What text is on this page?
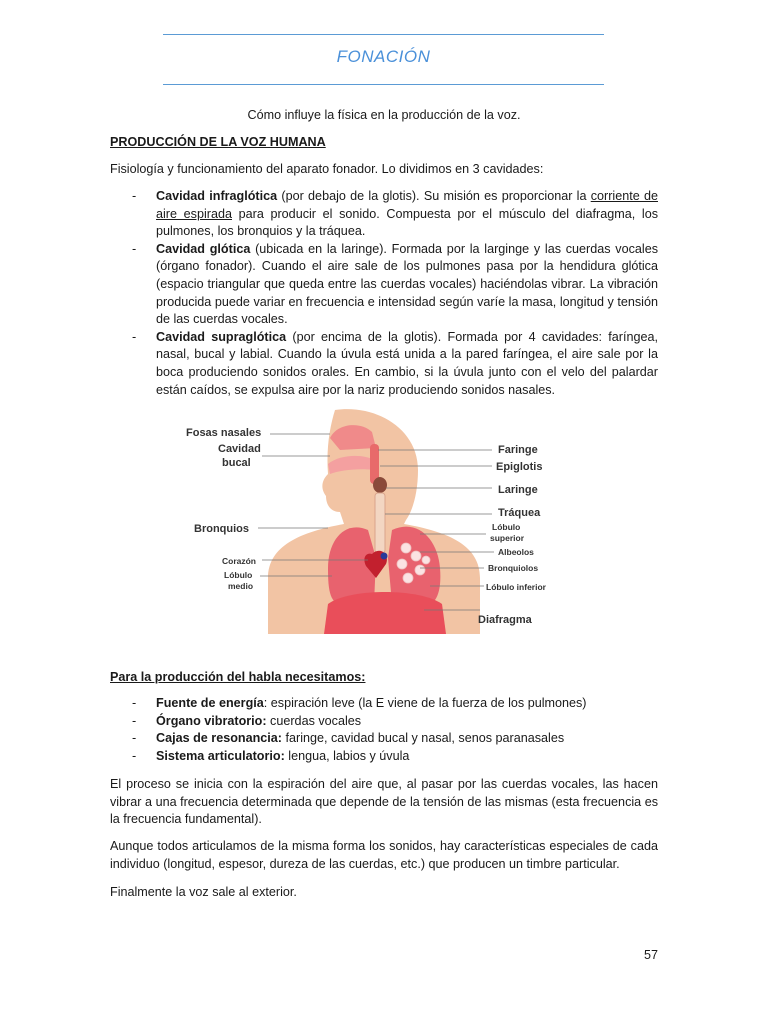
FONACIÓN
Cómo influye la física en la producción de la voz.
PRODUCCIÓN DE LA VOZ HUMANA
Fisiología y funcionamiento del aparato fonador. Lo dividimos en 3 cavidades:
- Cavidad infraglótica (por debajo de la glotis). Su misión es proporcionar la corriente de aire espirada para producir el sonido. Compuesta por el músculo del diafragma, los pulmones, los bronquios y la tráquea.
- Cavidad glótica (ubicada en la laringe). Formada por la larginge y las cuerdas vocales (órgano fonador). Cuando el aire sale de los pulmones pasa por la hendidura glótica (espacio triangular que queda entre las cuerdas vocales) haciéndolas vibrar. La vibración producida puede variar en frecuencia e intensidad según varíe la masa, longitud y tensión de las cuerdas vocales.
- Cavidad supraglótica (por encima de la glotis). Formada por 4 cavidades: faríngea, nasal, bucal y labial. Cuando la úvula está unida a la pared faríngea, el aire sale por la boca produciendo sonidos orales. En cambio, si la úvula junto con el velo del palardar están caídos, se expulsa aire por la nariz produciendo sonidos nasales.
Fosas nasales
Cavidad
bucal
Bronquios
Corazón
Lóbulo
medio
Faringe
Epiglotis
Laringe
Tráquea
Lóbulo
superior
Albeolos
Bronquiolos
Lóbulo inferior
Diafragma
Para la producción del habla necesitamos:
- Fuente de energía: espiración leve (la E viene de la fuerza de los pulmones)
- Órgano vibratorio: cuerdas vocales
- Cajas de resonancia: faringe, cavidad bucal y nasal, senos paranasales
- Sistema articulatorio: lengua, labios y úvula
El proceso se inicia con la espiración del aire que, al pasar por las cuerdas vocales, las hacen vibrar a una frecuencia determinada que depende de la tensión de las mismas (esta frecuencia es la frecuencia fundamental).
Aunque todos articulamos de la misma forma los sonidos, hay características especiales de cada individuo (longitud, espesor, dureza de las cuerdas, etc.) que producen un timbre particular.
Finalmente la voz sale al exterior.
57
